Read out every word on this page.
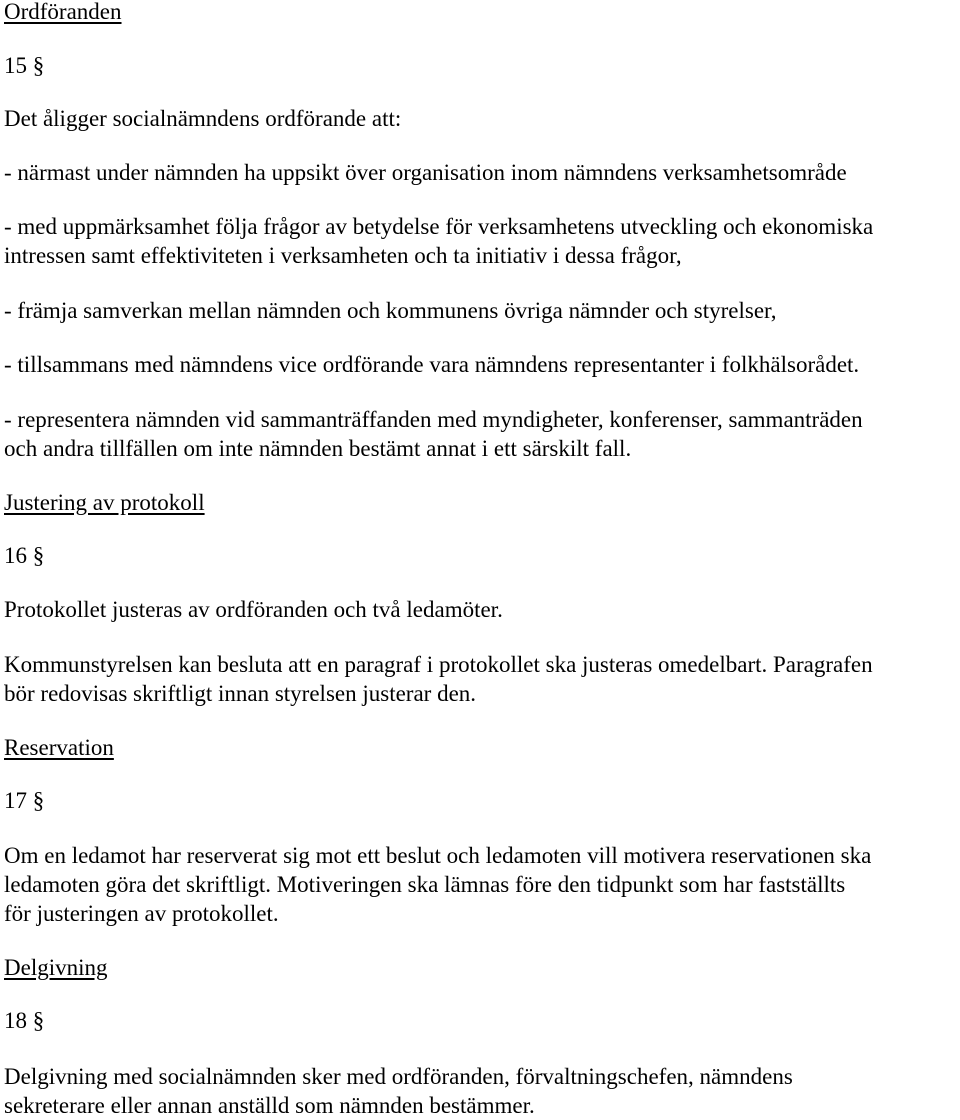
Ordföranden
15 §
Det åligger socialnämndens ordförande att:
- närmast under nämnden ha uppsikt över organisation inom nämndens verksamhetsområde
- med uppmärksamhet följa frågor av betydelse för verksamhetens utveckling och ekonomiska
intressen samt effektiviteten i verksamheten och ta initiativ i dessa frågor,
- främja samverkan mellan nämnden och kommunens övriga nämnder och styrelser,
- tillsammans med nämndens vice ordförande vara nämndens representanter i folkhälsorådet.
- representera nämnden vid sammanträffanden med myndigheter, konferenser, sammanträden
och andra tillfällen om inte nämnden bestämt annat i ett särskilt fall.
Justering av protokoll
16 §
Protokollet justeras av ordföranden och två ledamöter.
Kommunstyrelsen kan besluta att en paragraf i protokollet ska justeras omedelbart. Paragrafen
bör redovisas skriftligt innan styrelsen justerar den.
Reservation
17 §
Om en ledamot har reserverat sig mot ett beslut och ledamoten vill motivera reservationen ska
ledamoten göra det skriftligt. Motiveringen ska lämnas före den tidpunkt som har fastställts
för justeringen av protokollet.
Delgivning
18 §
Delgivning med socialnämnden sker med ordföranden, förvaltningschefen, nämndens
sekreterare eller annan anställd som nämnden bestämmer.
